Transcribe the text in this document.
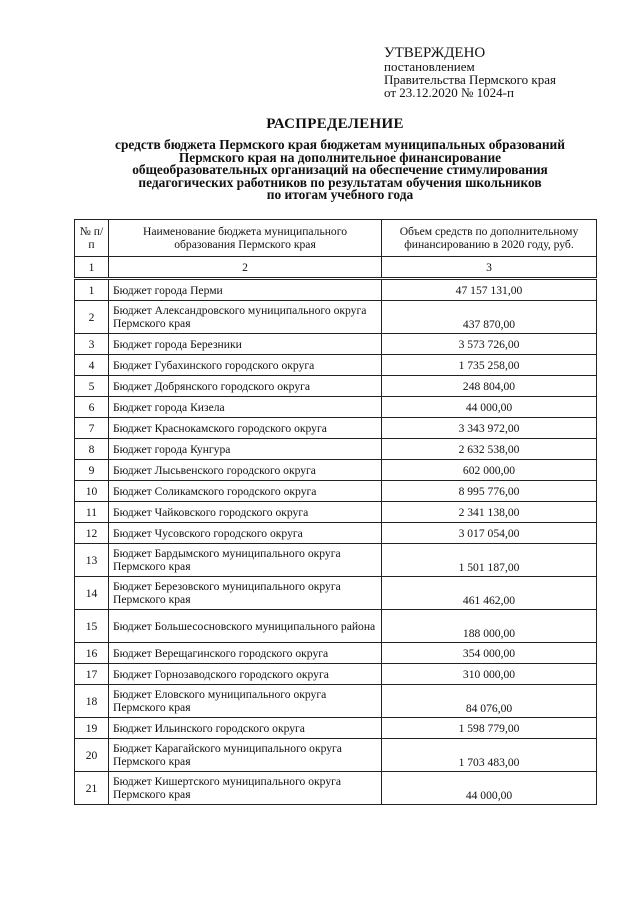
УТВЕРЖДЕНО
постановлением
Правительства Пермского края
от 23.12.2020 № 1024-п
РАСПРЕДЕЛЕНИЕ
средств бюджета Пермского края бюджетам муниципальных образований
Пермского края на дополнительное финансирование
общеобразовательных организаций на обеспечение стимулирования
педагогических работников по результатам обучения школьников
по итогам учебного года
№ п/п	Наименование бюджета муниципального образования Пермского края	Объем средств по дополнительному финансированию в 2020 году, руб.
1	2	3
1	Бюджет города Перми	47 157 131,00
2	Бюджет Александровского муниципального округа Пермского края	437 870,00
3	Бюджет города Березники	3 573 726,00
4	Бюджет Губахинского городского округа	1 735 258,00
5	Бюджет Добрянского городского округа	248 804,00
6	Бюджет города Кизела	44 000,00
7	Бюджет Краснокамского городского округа	3 343 972,00
8	Бюджет города Кунгура	2 632 538,00
9	Бюджет Лысьвенского городского округа	602 000,00
10	Бюджет Соликамского городского округа	8 995 776,00
11	Бюджет Чайковского городского округа	2 341 138,00
12	Бюджет Чусовского городского округа	3 017 054,00
13	Бюджет Бардымского муниципального округа Пермского края	1 501 187,00
14	Бюджет Березовского муниципального округа Пермского края	461 462,00
15	Бюджет Большесосновского муниципального района	188 000,00
16	Бюджет Верещагинского городского округа	354 000,00
17	Бюджет Горнозаводского городского округа	310 000,00
18	Бюджет Еловского муниципального округа Пермского края	84 076,00
19	Бюджет Ильинского городского округа	1 598 779,00
20	Бюджет Карагайского муниципального округа Пермского края	1 703 483,00
21	Бюджет Кишертского муниципального округа Пермского края	44 000,00
